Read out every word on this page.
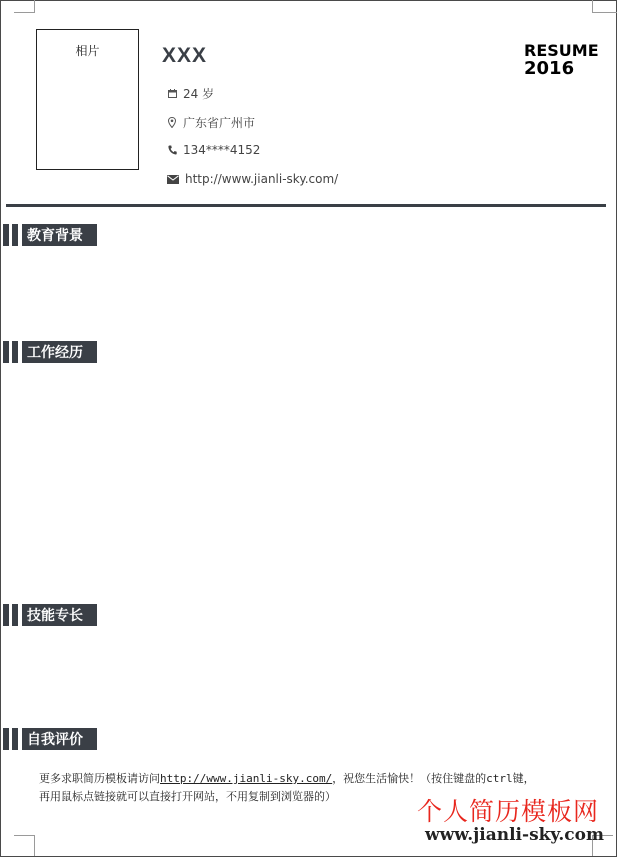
相片	XXX
24 岁
广东省广州市
134****4152
http://www.jianli-sky.com/
RESUME
2016
教育背景
工作经历
技能专长
自我评价
更多求职简历模板请访问http://www.jianli-sky.com/，祝您生活愉快！（按住键盘的ctrl键，
再用鼠标点链接就可以直接打开网站，不用复制到浏览器的）
个人简历模板网
www.jianli-sky.com
